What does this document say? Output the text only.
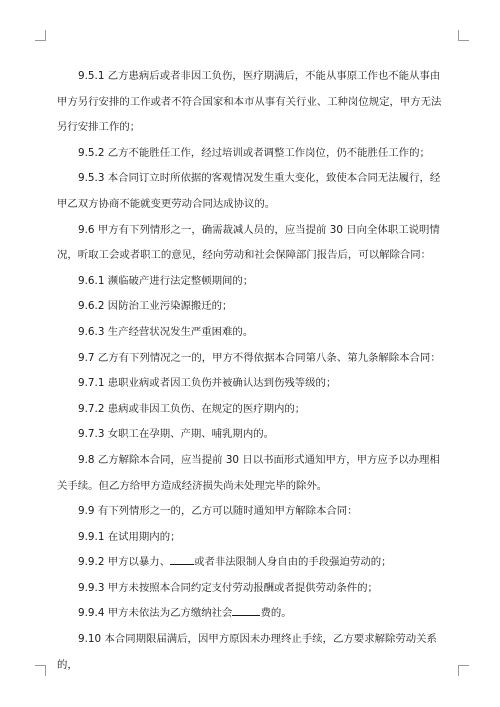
9.5.1 乙方患病后或者非因工负伤，医疗期满后，不能从事原工作也不能从事由甲方另行安排的工作或者不符合国家和本市从事有关行业、工种岗位规定，甲方无法另行安排工作的；

9.5.2 乙方不能胜任工作，经过培训或者调整工作岗位，仍不能胜任工作的；

9.5.3 本合同订立时所依据的客观情况发生重大变化，致使本合同无法履行，经甲乙双方协商不能就变更劳动合同达成协议的。

9.6 甲方有下列情形之一，确需裁减人员的，应当提前 30 日向全体职工说明情况，听取工会或者职工的意见，经向劳动和社会保障部门报告后，可以解除合同：

9.6.1 濒临破产进行法定整顿期间的；

9.6.2 因防治工业污染源搬迁的；

9.6.3 生产经营状况发生严重困难的。

9.7 乙方有下列情况之一的，甲方不得依据本合同第八条、第九条解除本合同：

9.7.1 患职业病或者因工负伤并被确认达到伤残等级的；

9.7.2 患病或非因工负伤、在规定的医疗期内的；

9.7.3 女职工在孕期、产期、哺乳期内的。

9.8 乙方解除本合同，应当提前 30 日以书面形式通知甲方，甲方应予以办理相关手续。但乙方给甲方造成经济损失尚未处理完毕的除外。

9.9 有下列情形之一的，乙方可以随时通知甲方解除本合同：

9.9.1 在试用期内的；

9.9.2 甲方以暴力、 或者非法限制人身自由的手段强迫劳动的；

9.9.3 甲方未按照本合同约定支付劳动报酬或者提供劳动条件的；

9.9.4 甲方未依法为乙方缴纳社会	费的。

9.10 本合同期限届满后，因甲方原因未办理终止手续，乙方要求解除劳动关系的，
